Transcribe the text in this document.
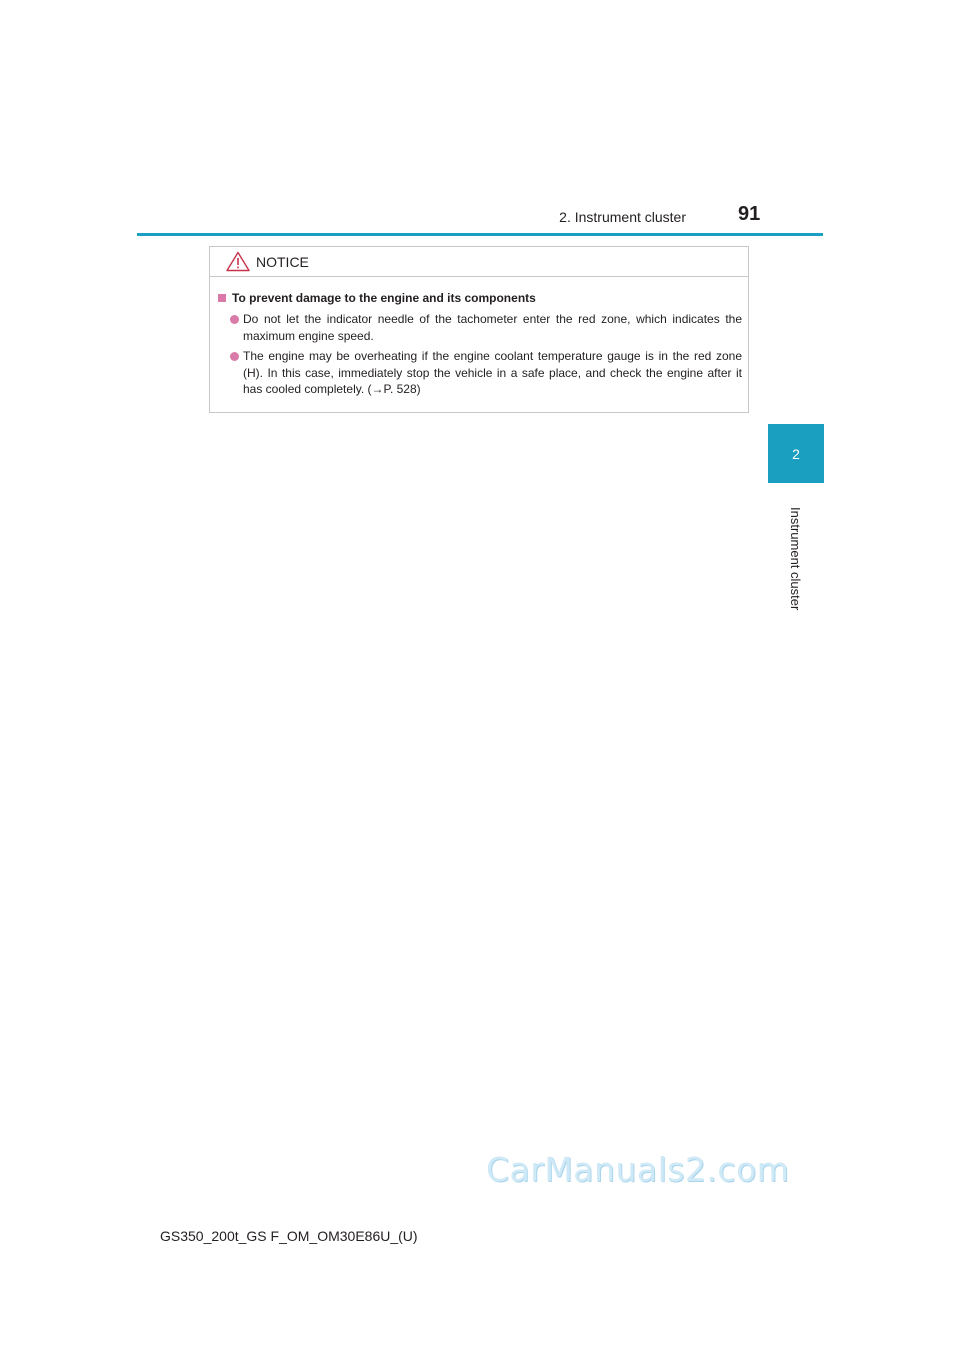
2. Instrument cluster	91
2
Instrument cluster
NOTICE
To prevent damage to the engine and its components
Do not let the indicator needle of the tachometer enter the red zone, which indicates the maximum engine speed.
The engine may be overheating if the engine coolant temperature gauge is in the red zone (H). In this case, immediately stop the vehicle in a safe place, and check the engine after it has cooled completely. (→P. 528)
CarManuals2.com
GS350_200t_GS F_OM_OM30E86U_(U)
